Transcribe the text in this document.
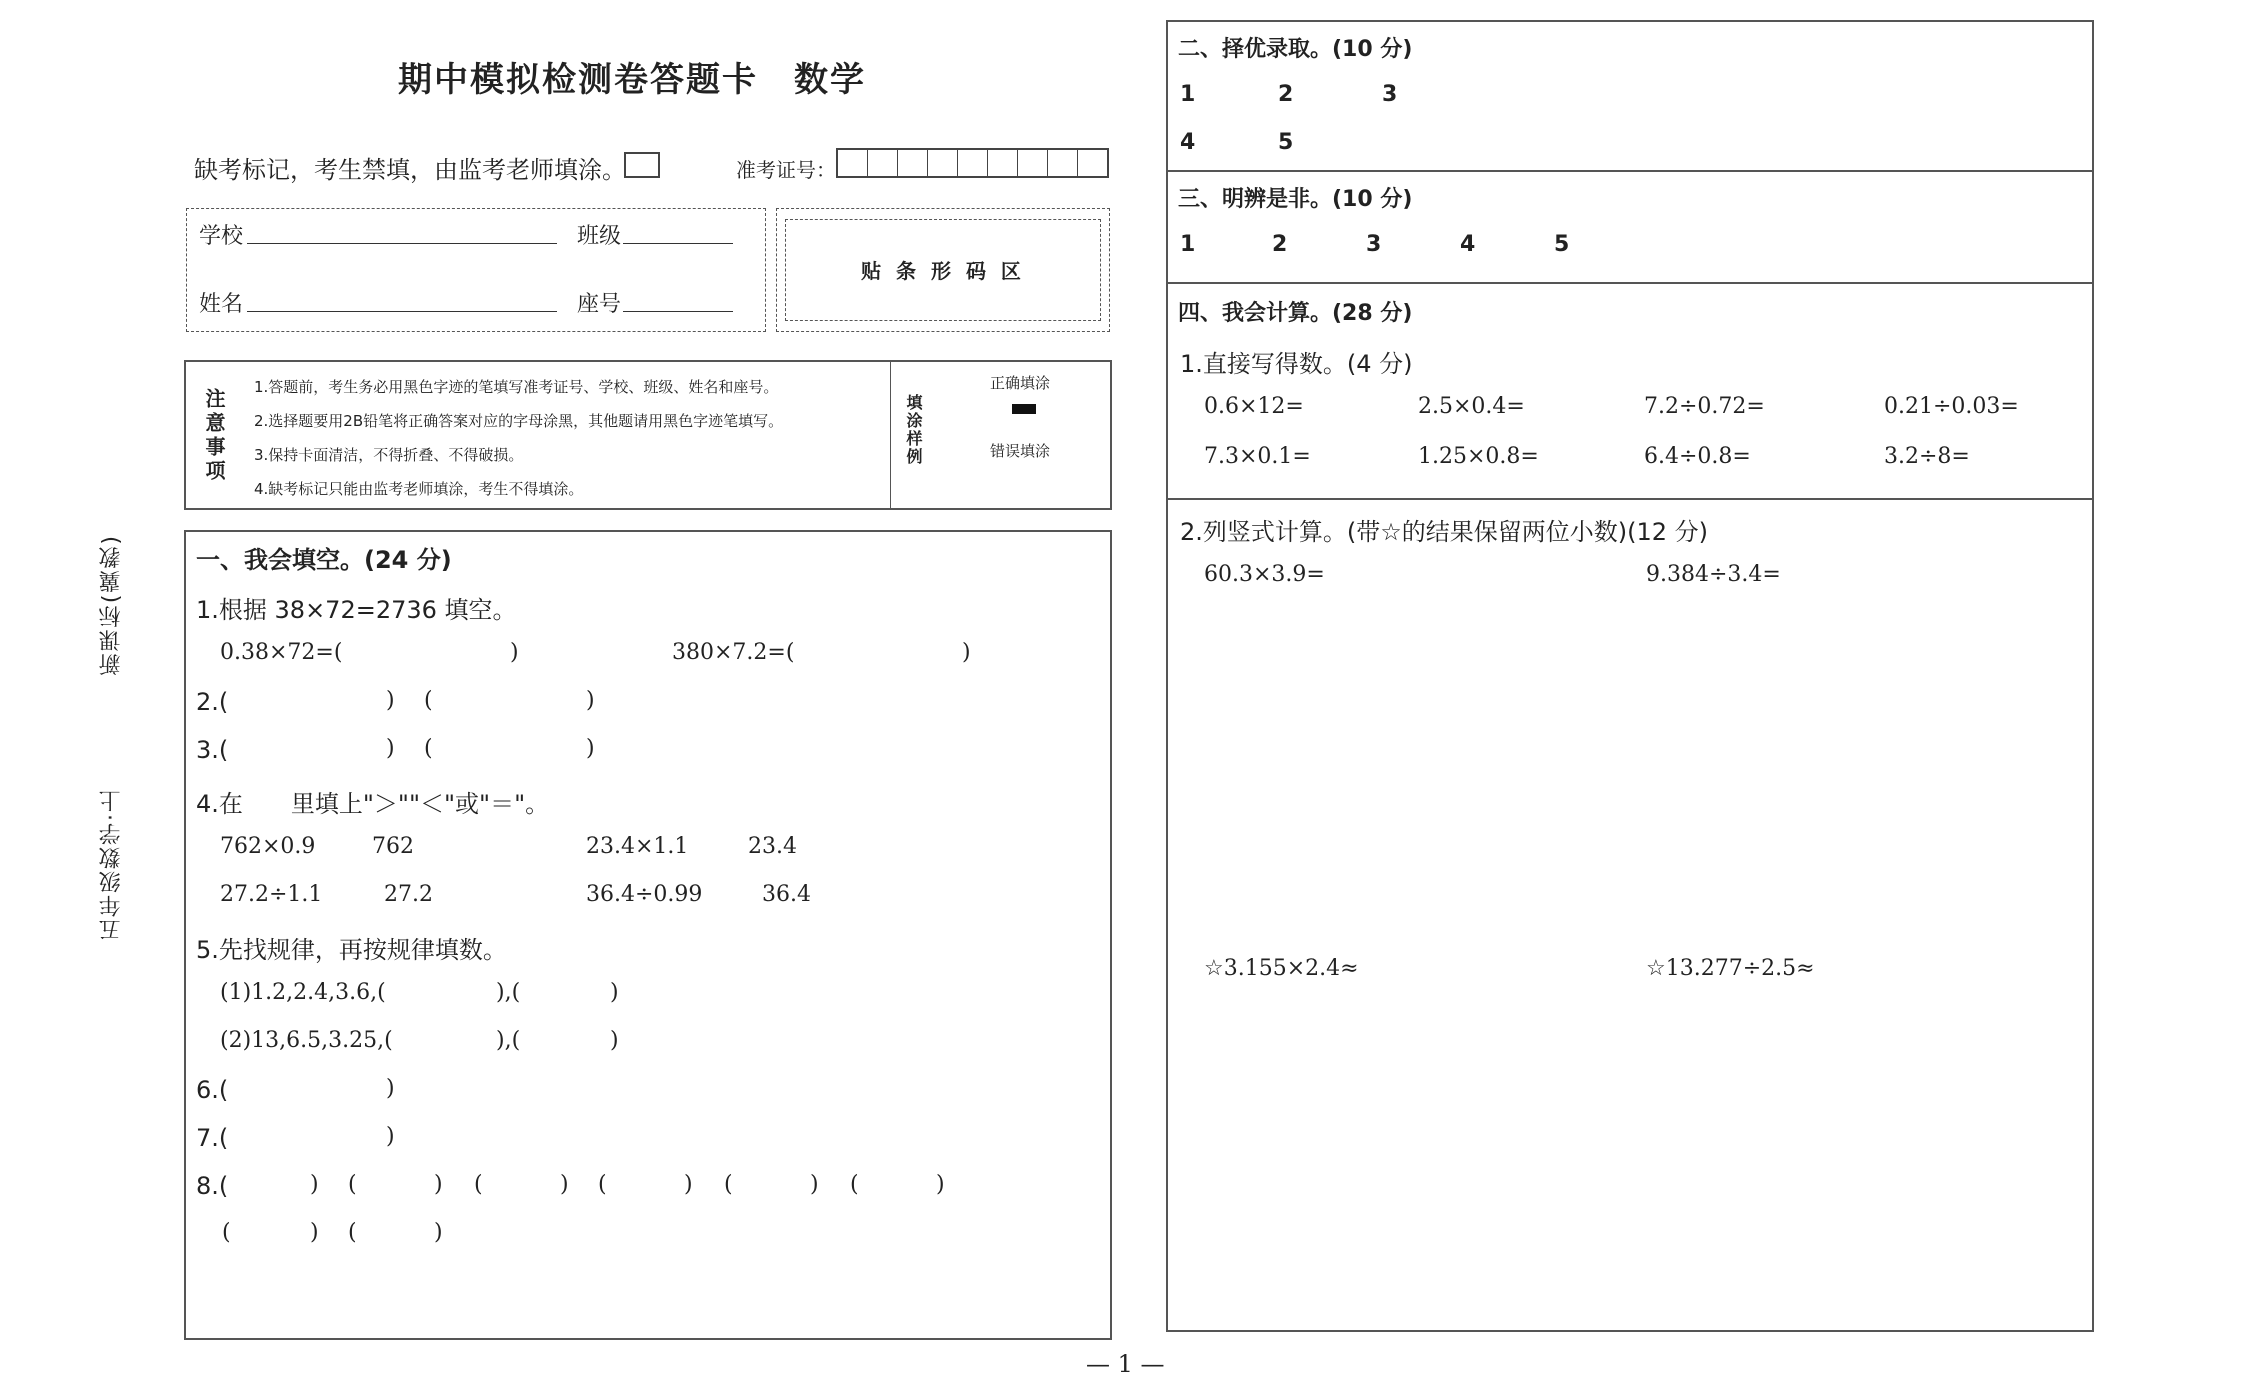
期中模拟检测卷答题卡　数学
缺考标记，考生禁填，由监考老师填涂。	准考证号：
学校	班级
姓名	座号
贴 条 形 码 区
注意事项
1.答题前，考生务必用黑色字迹的笔填写准考证号、学校、班级、姓名和座号。
2.选择题要用2B铅笔将正确答案对应的字母涂黑，其他题请用黑色字迹笔填写。
3.保持卡面清洁，不得折叠、不得破损。
4.缺考标记只能由监考老师填涂，考生不得填涂。
填涂样例
正确填涂
错误填涂
新课标(冀教)
五年级数学·上
一、我会填空。(24 分)
1.根据 38×72=2736 填空。
0.38×72=(	)	380×7.2=(	)
2.(	) (	)
3.(	) (	)
4.在　　里填上"＞""＜"或"＝"。
762×0.9	762	23.4×1.1	23.4
27.2÷1.1	27.2	36.4÷0.99	36.4
5.先找规律，再按规律填数。
(1)1.2,2.4,3.6,(	),(	)
(2)13,6.5,3.25,(	),(	)
6.(	)
7.(	)
8.(	) (	) (	) (	) (	) (	)
(	) (	)
二、择优录取。(10 分)
1	2	3
4	5
三、明辨是非。(10 分)
1	2	3	4	5
四、我会计算。(28 分)
1.直接写得数。(4 分)
0.6×12=	2.5×0.4=	7.2÷0.72=	0.21÷0.03=
7.3×0.1=	1.25×0.8=	6.4÷0.8=	3.2÷8=
2.列竖式计算。(带☆的结果保留两位小数)(12 分)
60.3×3.9=	9.384÷3.4=
☆3.155×2.4≈	☆13.277÷2.5≈
— 1 —
